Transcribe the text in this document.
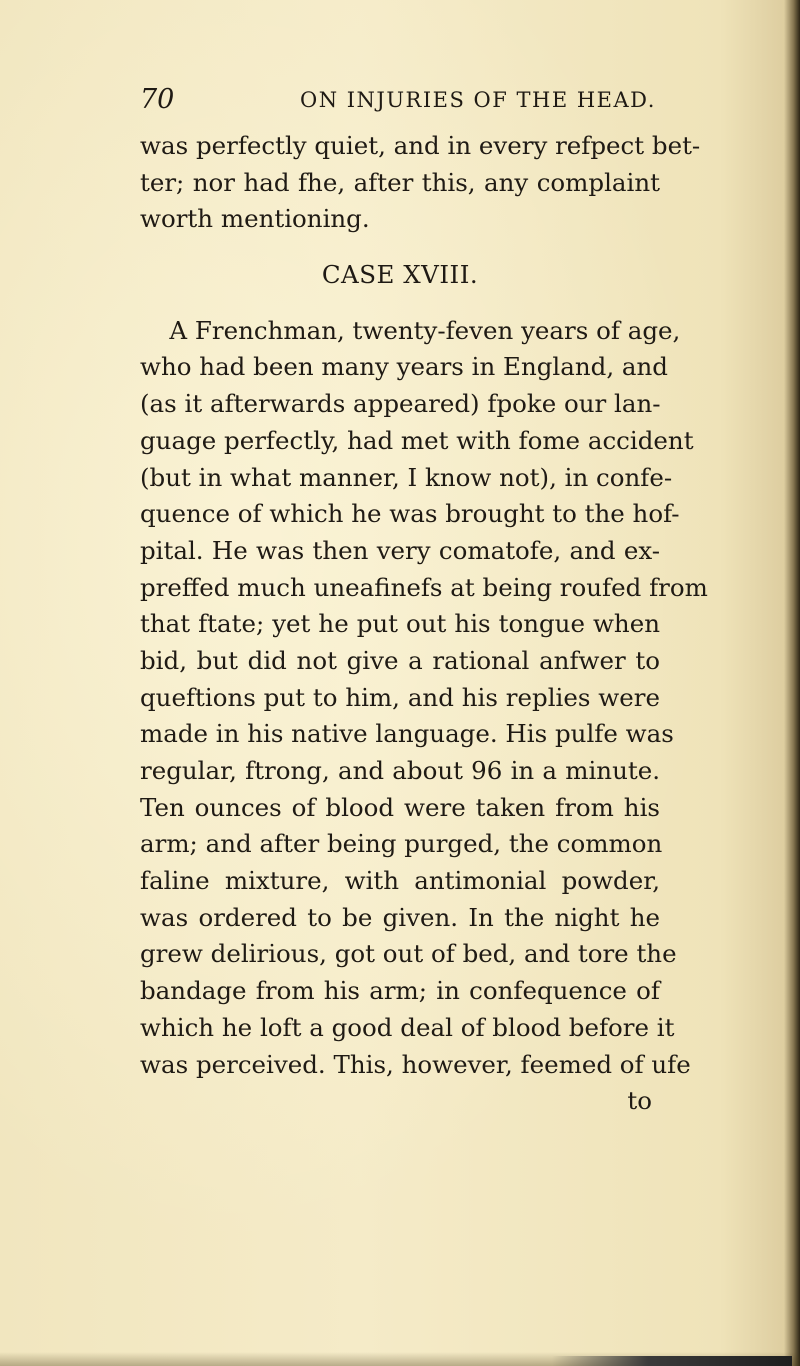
70	ON INJURIES OF THE HEAD.
was perfectly quiet, and in every refpect bet-
ter; nor had fhe, after this, any complaint
worth mentioning.
CASE XVIII.
A Frenchman, twenty-feven years of age,
who had been many years in England, and
(as it afterwards appeared) fpoke our lan-
guage perfectly, had met with fome accident
(but in what manner, I know not), in confe-
quence of which he was brought to the hof-
pital. He was then very comatofe, and ex-
preffed much uneafinefs at being roufed from
that ftate; yet he put out his tongue when
bid, but did not give a rational anfwer to
queftions put to him, and his replies were
made in his native language. His pulfe was
regular, ftrong, and about 96 in a minute.
Ten ounces of blood were taken from his
arm; and after being purged, the common
faline mixture, with antimonial powder,
was ordered to be given. In the night he
grew delirious, got out of bed, and tore the
bandage from his arm; in confequence of
which he loft a good deal of blood before it
was perceived. This, however, feemed of ufe
to
